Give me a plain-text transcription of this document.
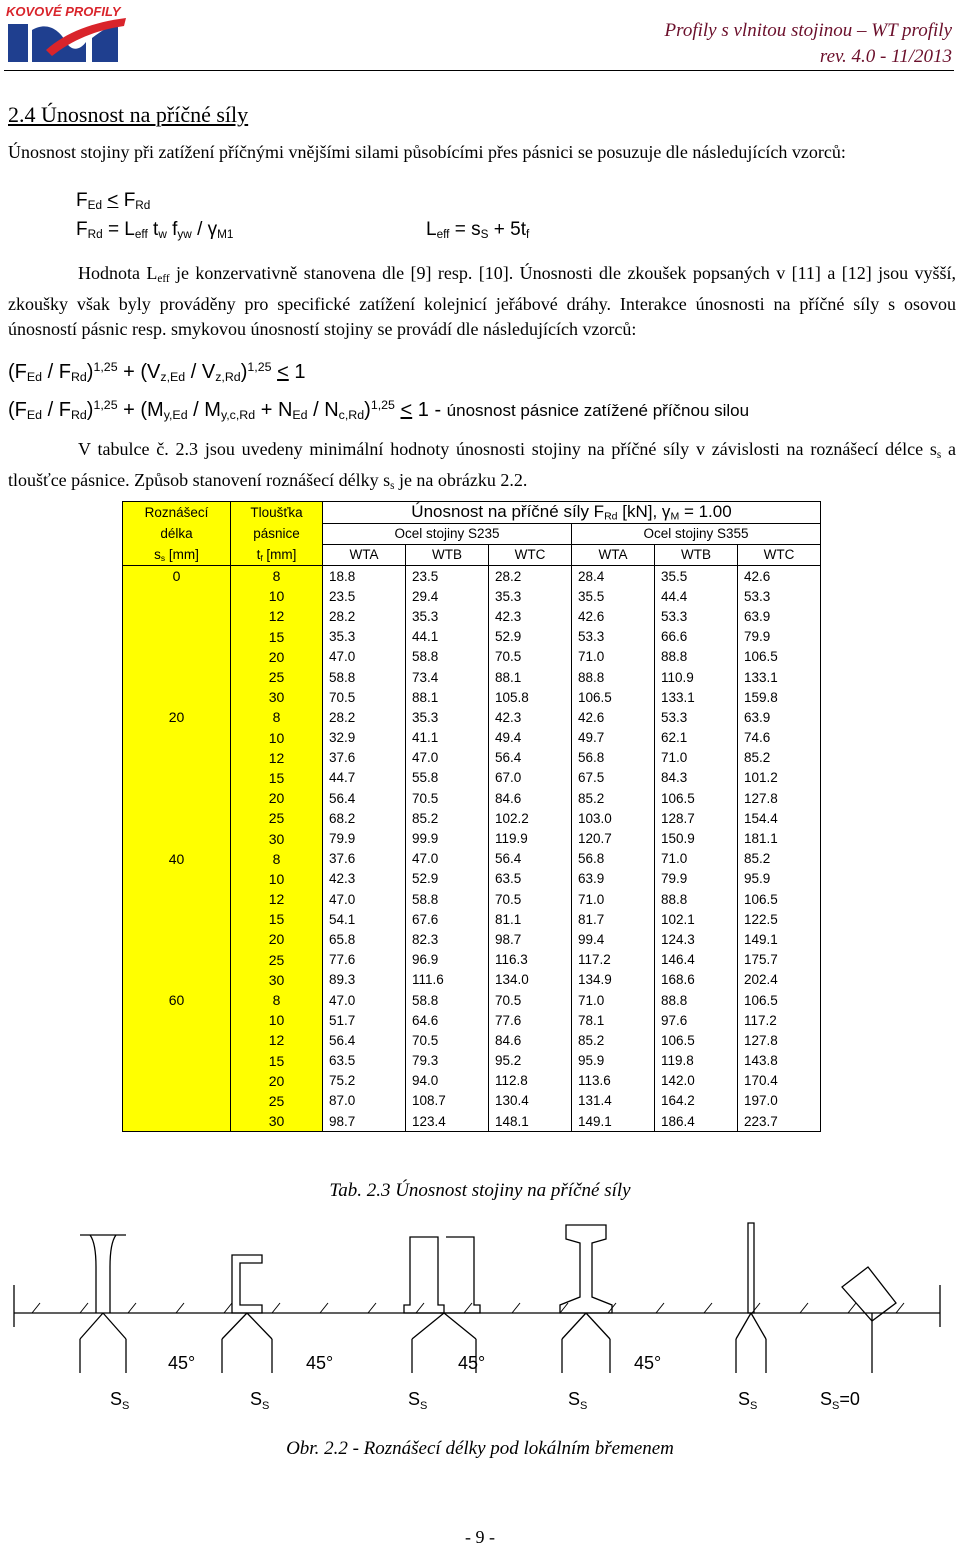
KOVOVÉ PROFILY
Profily s vlnitou stojinou – WT profily
rev. 4.0 - 11/2013
2.4 Únosnost na příčné síly
Únosnost stojiny při zatížení příčnými vnějšími silami působícími přes pásnici se posuzuje dle následujících vzorců:
$F_{Ed} < F_{Rd}$
$F_{Rd} = L_{eff}$ $t_w$ $f_{yw} / \gamma_{M1}$	$L_{eff} = s_S + 5t_f$
Hodnota $L_{eff}$ je konzervativně stanovena dle [9] resp. [10]. Únosnosti dle zkoušek popsaných v [11] a [12] jsou vyšší, zkoušky však byly prováděny pro specifické zatížení kolejnicí jeřábové dráhy. Interakce únosnosti na příčné síly s osovou únosností pásnic resp. smykovou únosností stojiny se provádí dle následujících vzorců:
$(F_{Ed} / F_{Rd})^{1,25} + (V_{z,Ed} / V_{z,Rd})^{1,25} < 1$
$(F_{Ed} / F_{Rd})^{1,25} + (M_{y,Ed} / M_{y,c,Rd} + N_{Ed} / N_{c,Rd})^{1,25} < 1$ - únosnost pásnice zatížené příčnou silou
V tabulce č. 2.3 jsou uvedeny minimální hodnoty únosnosti stojiny na příčné síly v závislosti na roznášecí délce $s_s$ a tloušťce pásnice. Způsob stanovení roznášecí délky $s_s$ je na obrázku 2.2.
Roznášecí	Tloušťka	Únosnost na příčné síly $F_{Rd}$ [kN], $\gamma_M = 1.00$					
délka	pásnice	Ocel stojiny S235			Ocel stojiny S355		
$s_s$ [mm]	$t_f$ [mm]	WTA	WTB	WTC	WTA	WTB	WTC
0	8	18.8	23.5	28.2	28.4	35.5	42.6
	10	23.5	29.4	35.3	35.5	44.4	53.3
	12	28.2	35.3	42.3	42.6	53.3	63.9
	15	35.3	44.1	52.9	53.3	66.6	79.9
	20	47.0	58.8	70.5	71.0	88.8	106.5
	25	58.8	73.4	88.1	88.8	110.9	133.1
	30	70.5	88.1	105.8	106.5	133.1	159.8
20	8	28.2	35.3	42.3	42.6	53.3	63.9
	10	32.9	41.1	49.4	49.7	62.1	74.6
	12	37.6	47.0	56.4	56.8	71.0	85.2
	15	44.7	55.8	67.0	67.5	84.3	101.2
	20	56.4	70.5	84.6	85.2	106.5	127.8
	25	68.2	85.2	102.2	103.0	128.7	154.4
	30	79.9	99.9	119.9	120.7	150.9	181.1
40	8	37.6	47.0	56.4	56.8	71.0	85.2
	10	42.3	52.9	63.5	63.9	79.9	95.9
	12	47.0	58.8	70.5	71.0	88.8	106.5
	15	54.1	67.6	81.1	81.7	102.1	122.5
	20	65.8	82.3	98.7	99.4	124.3	149.1
	25	77.6	96.9	116.3	117.2	146.4	175.7
	30	89.3	111.6	134.0	134.9	168.6	202.4
60	8	47.0	58.8	70.5	71.0	88.8	106.5
	10	51.7	64.6	77.6	78.1	97.6	117.2
	12	56.4	70.5	84.6	85.2	106.5	127.8
	15	63.5	79.3	95.2	95.9	119.8	143.8
	20	75.2	94.0	112.8	113.6	142.0	170.4
	25	87.0	108.7	130.4	131.4	164.2	197.0
	30	98.7	123.4	148.1	149.1	186.4	223.7
Tab. 2.3 Únosnost stojiny na příčné síly
45°	45°	45°	45°
$S_S$	$S_S$	$S_S$	$S_S$	$S_S$	$S_S=0$
Obr. 2.2 - Roznášecí délky pod lokálním břemenem
- 9 -
